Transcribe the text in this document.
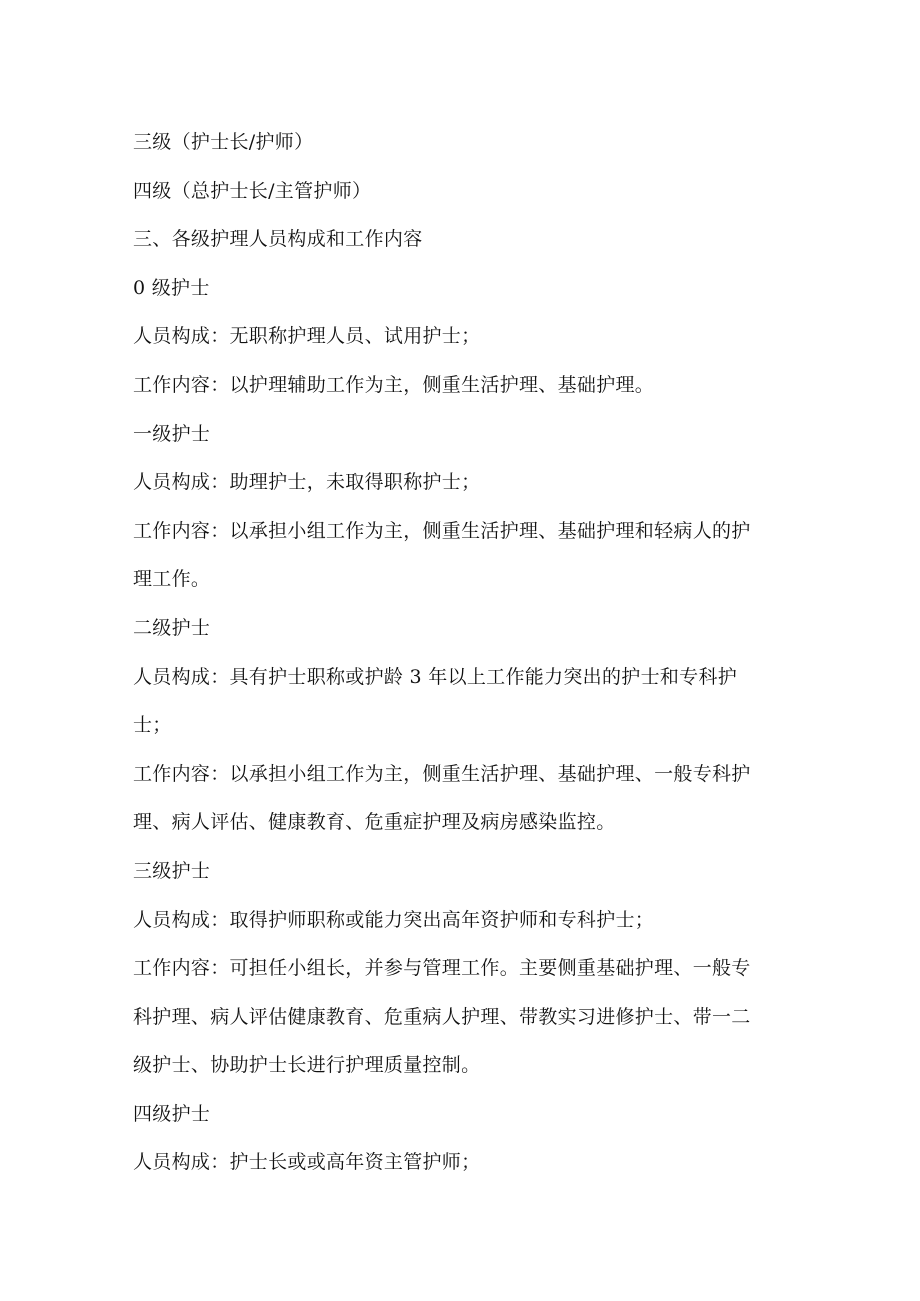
三级（护士长/护师）
四级（总护士长/主管护师）
三、各级护理人员构成和工作内容
0 级护士
人员构成：无职称护理人员、试用护士；
工作内容：以护理辅助工作为主，侧重生活护理、基础护理。
一级护士
人员构成：助理护士，未取得职称护士；
工作内容：以承担小组工作为主，侧重生活护理、基础护理和轻病人的护
理工作。
二级护士
人员构成：具有护士职称或护龄 3 年以上工作能力突出的护士和专科护
士；
工作内容：以承担小组工作为主，侧重生活护理、基础护理、一般专科护
理、病人评估、健康教育、危重症护理及病房感染监控。
三级护士
人员构成：取得护师职称或能力突出高年资护师和专科护士；
工作内容：可担任小组长，并参与管理工作。主要侧重基础护理、一般专
科护理、病人评估健康教育、危重病人护理、带教实习进修护士、带一二
级护士、协助护士长进行护理质量控制。
四级护士
人员构成：护士长或或高年资主管护师；
